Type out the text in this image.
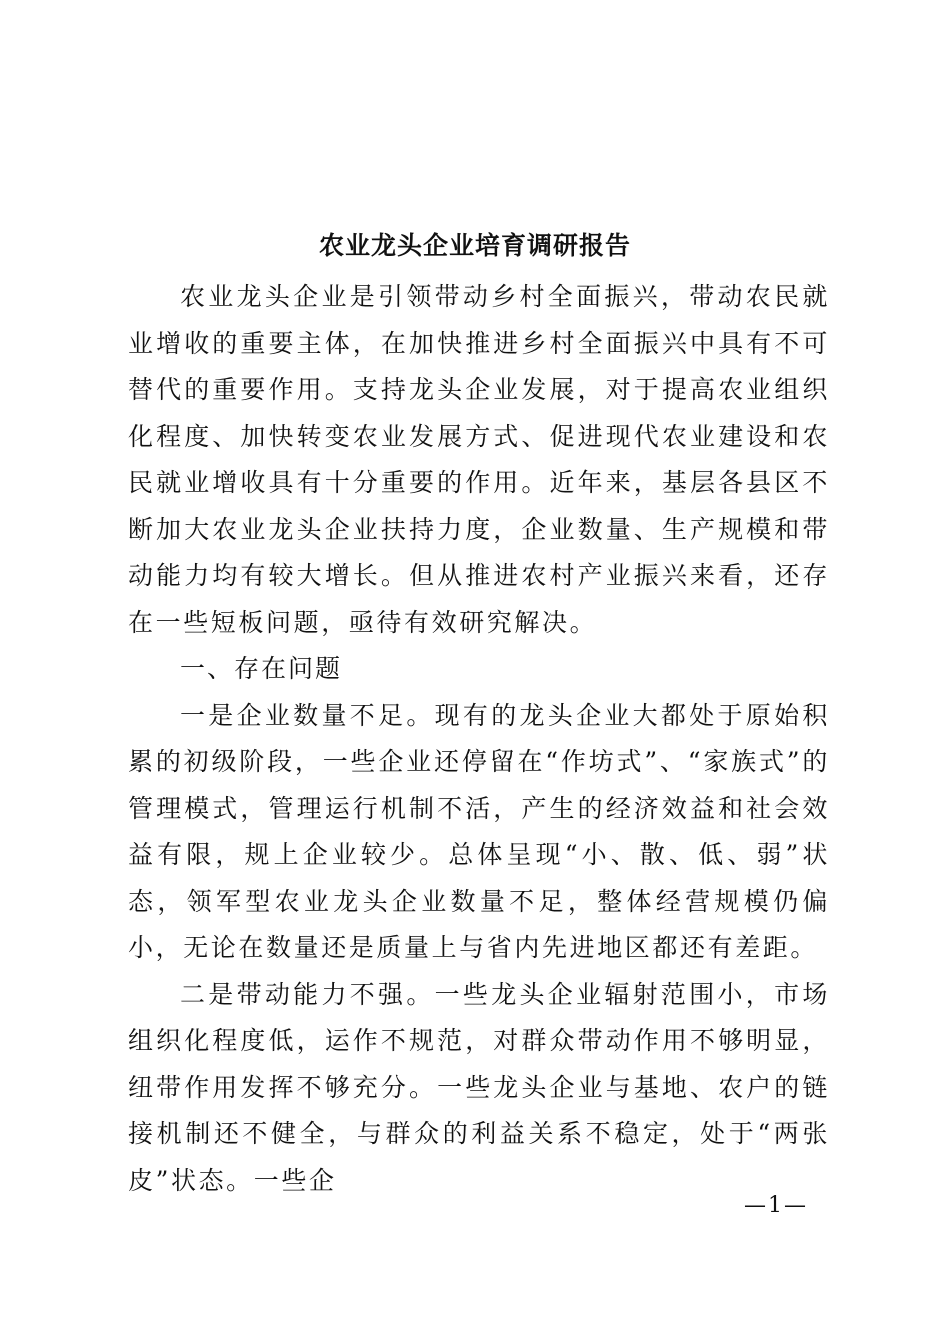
农业龙头企业培育调研报告

农业龙头企业是引领带动乡村全面振兴，带动农民就业增收的重要主体，在加快推进乡村全面振兴中具有不可替代的重要作用。支持龙头企业发展，对于提高农业组织化程度、加快转变农业发展方式、促进现代农业建设和农民就业增收具有十分重要的作用。近年来，基层各县区不断加大农业龙头企业扶持力度，企业数量、生产规模和带动能力均有较大增长。但从推进农村产业振兴来看，还存在一些短板问题，亟待有效研究解决。

一、存在问题

一是企业数量不足。现有的龙头企业大都处于原始积累的初级阶段，一些企业还停留在“作坊式”、“家族式”的管理模式，管理运行机制不活，产生的经济效益和社会效益有限，规上企业较少。总体呈现“小、散、低、弱”状态，领军型农业龙头企业数量不足，整体经营规模仍偏小，无论在数量还是质量上与省内先进地区都还有差距。

二是带动能力不强。一些龙头企业辐射范围小，市场组织化程度低，运作不规范，对群众带动作用不够明显，纽带作用发挥不够充分。一些龙头企业与基地、农户的链接机制还不健全，与群众的利益关系不稳定，处于“两张皮”状态。一些企

—1—
